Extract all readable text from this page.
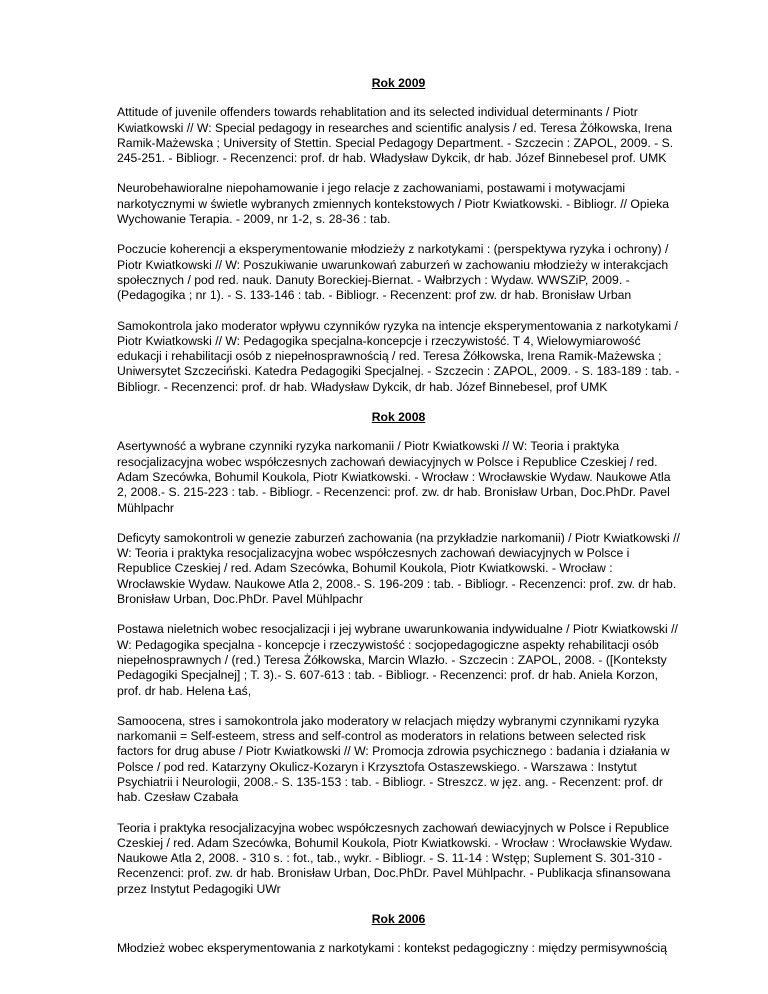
Rok 2009
Attitude of juvenile offenders towards rehablitation and its selected individual determinants / Piotr Kwiatkowski // W: Special pedagogy in researches and scientific analysis / ed. Teresa Żółkowska, Irena Ramik-Mażewska ; University of Stettin. Special Pedagogy Department. - Szczecin : ZAPOL, 2009. - S. 245-251. - Bibliogr. - Recenzenci: prof. dr hab. Władysław Dykcik, dr hab. Józef Binnebesel prof. UMK
Neurobehawioralne niepohamowanie i jego relacje z zachowaniami, postawami i motywacjami narkotycznymi w świetle wybranych zmiennych kontekstowych / Piotr Kwiatkowski. - Bibliogr. // Opieka Wychowanie Terapia. - 2009, nr 1-2, s. 28-36 : tab.
Poczucie koherencji a eksperymentowanie młodzieży z narkotykami : (perspektywa ryzyka i ochrony) / Piotr Kwiatkowski // W: Poszukiwanie uwarunkowań zaburzeń w zachowaniu młodzieży w interakcjach społecznych / pod red. nauk. Danuty Boreckiej-Biernat. - Wałbrzych : Wydaw. WWSZiP, 2009. - (Pedagogika ; nr 1). - S. 133-146 : tab. - Bibliogr. - Recenzent: prof zw. dr hab. Bronisław Urban
Samokontrola jako moderator wpływu czynników ryzyka na intencje eksperymentowania z narkotykami / Piotr Kwiatkowski // W: Pedagogika specjalna-koncepcje i rzeczywistość. T 4, Wielowymiarowość edukacji i rehabilitacji osób z niepełnosprawnością / red. Teresa Żółkowska, Irena Ramik-Mażewska ; Uniwersytet Szczeciński. Katedra Pedagogiki Specjalnej. - Szczecin : ZAPOL, 2009. - S. 183-189 : tab. - Bibliogr. - Recenzenci: prof. dr hab. Władysław Dykcik, dr hab. Józef Binnebesel, prof UMK
Rok 2008
Asertywność a wybrane czynniki ryzyka narkomanii / Piotr Kwiatkowski // W: Teoria i praktyka resocjalizacyjna wobec współczesnych zachowań dewiacyjnych w Polsce i Republice Czeskiej / red. Adam Szecówka, Bohumil Koukola, Piotr Kwiatkowski. - Wrocław : Wrocławskie Wydaw. Naukowe Atla 2, 2008.- S. 215-223 : tab. - Bibliogr. - Recenzenci: prof. zw. dr hab. Bronisław Urban, Doc.PhDr. Pavel Mühlpachr
Deficyty samokontroli w genezie zaburzeń zachowania (na przykładzie narkomanii) / Piotr Kwiatkowski // W: Teoria i praktyka resocjalizacyjna wobec współczesnych zachowań dewiacyjnych w Polsce i Republice Czeskiej / red. Adam Szecówka, Bohumil Koukola, Piotr Kwiatkowski. - Wrocław : Wrocławskie Wydaw. Naukowe Atla 2, 2008.- S. 196-209 : tab. - Bibliogr. - Recenzenci: prof. zw. dr hab. Bronisław Urban, Doc.PhDr. Pavel Mühlpachr
Postawa nieletnich wobec resocjalizacji i jej wybrane uwarunkowania indywidualne / Piotr Kwiatkowski // W: Pedagogika specjalna - koncepcje i rzeczywistość : socjopedagogiczne aspekty rehabilitacji osób niepełnosprawnych / (red.) Teresa Żółkowska, Marcin Wlazło. - Szczecin : ZAPOL, 2008. - ([Konteksty Pedagogiki Specjalnej] ; T. 3).- S. 607-613 : tab. - Bibliogr. - Recenzenci: prof. dr hab. Aniela Korzon, prof. dr hab. Helena Łaś,
Samoocena, stres i samokontrola jako moderatory w relacjach między wybranymi czynnikami ryzyka narkomanii = Self-esteem, stress and self-control as moderators in relations between selected risk factors for drug abuse / Piotr Kwiatkowski // W: Promocja zdrowia psychicznego : badania i działania w Polsce / pod red. Katarzyny Okulicz-Kozaryn i Krzysztofa Ostaszewskiego. - Warszawa : Instytut Psychiatrii i Neurologii, 2008.- S. 135-153 : tab. - Bibliogr. - Streszcz. w jęz. ang. - Recenzent: prof. dr hab. Czesław Czabała
Teoria i praktyka resocjalizacyjna wobec współczesnych zachowań dewiacyjnych w Polsce i Republice Czeskiej / red. Adam Szecówka, Bohumil Koukola, Piotr Kwiatkowski. - Wrocław : Wrocławskie Wydaw. Naukowe Atla 2, 2008. - 310 s. : fot., tab., wykr. - Bibliogr. - S. 11-14 : Wstęp; Suplement S. 301-310 - Recenzenci: prof. zw. dr hab. Bronisław Urban, Doc.PhDr. Pavel Mühlpachr. - Publikacja sfinansowana przez Instytut Pedagogiki UWr
Rok 2006
Młodzież wobec eksperymentowania z narkotykami : kontekst pedagogiczny : między permisywnością
